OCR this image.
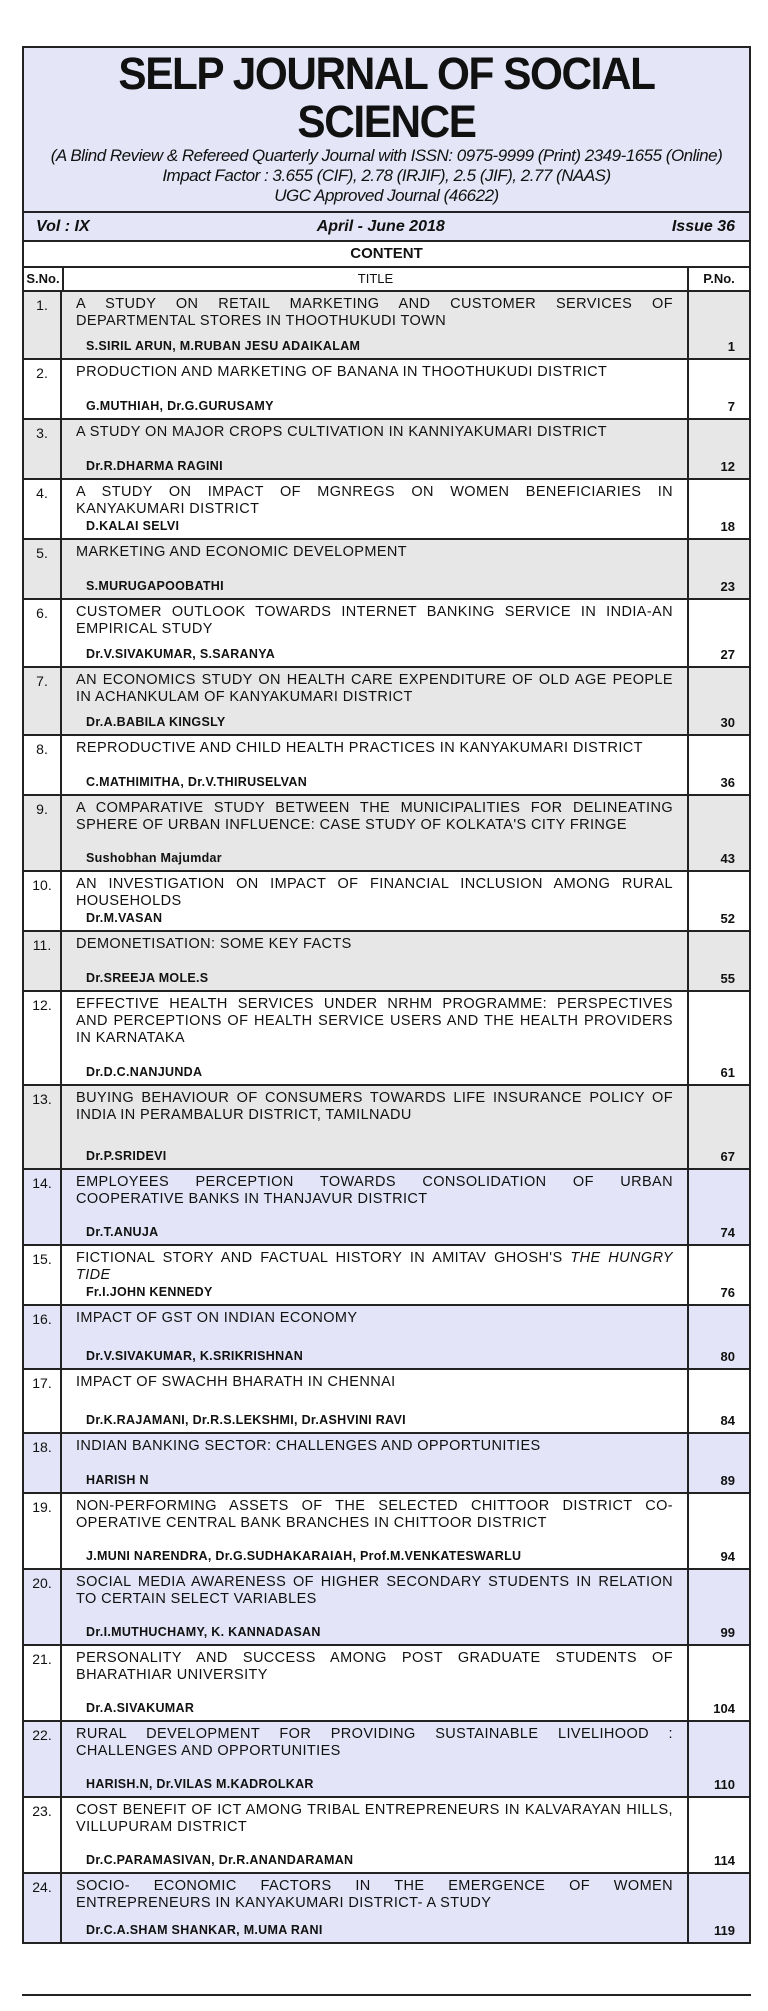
SELP JOURNAL OF SOCIAL SCIENCE
(A Blind Review & Refereed Quarterly Journal with ISSN: 0975-9999 (Print) 2349-1655 (Online)
Impact Factor : 3.655 (CIF), 2.78 (IRJIF), 2.5 (JIF), 2.77 (NAAS)
UGC Approved Journal (46622)
Vol : IX	April - June 2018	Issue 36
CONTENT
S.No.	TITLE	P.No.
1.	A STUDY ON RETAIL MARKETING AND CUSTOMER SERVICES OF DEPARTMENTAL STORES IN THOOTHUKUDI TOWN
S.SIRIL ARUN, M.RUBAN JESU ADAIKALAM	1
2.	PRODUCTION AND MARKETING OF BANANA IN THOOTHUKUDI DISTRICT
G.MUTHIAH, Dr.G.GURUSAMY	7
3.	A STUDY ON MAJOR CROPS CULTIVATION IN KANNIYAKUMARI DISTRICT
Dr.R.DHARMA RAGINI	12
4.	A STUDY ON IMPACT OF MGNREGS ON WOMEN BENEFICIARIES IN KANYAKUMARI DISTRICT
D.KALAI SELVI	18
5.	MARKETING AND ECONOMIC DEVELOPMENT
S.MURUGAPOOBATHI	23
6.	CUSTOMER OUTLOOK TOWARDS INTERNET BANKING SERVICE IN INDIA-AN EMPIRICAL STUDY
Dr.V.SIVAKUMAR, S.SARANYA	27
7.	AN ECONOMICS STUDY ON HEALTH CARE EXPENDITURE OF OLD AGE PEOPLE IN ACHANKULAM OF KANYAKUMARI DISTRICT
Dr.A.BABILA KINGSLY	30
8.	REPRODUCTIVE AND CHILD HEALTH PRACTICES IN KANYAKUMARI DISTRICT
C.MATHIMITHA, Dr.V.THIRUSELVAN	36
9.	A COMPARATIVE STUDY BETWEEN THE MUNICIPALITIES FOR DELINEATING SPHERE OF URBAN INFLUENCE: CASE STUDY OF KOLKATA'S CITY FRINGE
Sushobhan Majumdar	43
10.	AN INVESTIGATION ON IMPACT OF FINANCIAL INCLUSION AMONG RURAL HOUSEHOLDS
Dr.M.VASAN	52
11.	DEMONETISATION: SOME KEY FACTS
Dr.SREEJA MOLE.S	55
12.	EFFECTIVE HEALTH SERVICES UNDER NRHM PROGRAMME: PERSPECTIVES AND PERCEPTIONS OF HEALTH SERVICE USERS AND THE HEALTH PROVIDERS IN KARNATAKA
Dr.D.C.NANJUNDA	61
13.	BUYING BEHAVIOUR OF CONSUMERS TOWARDS LIFE INSURANCE POLICY OF INDIA IN PERAMBALUR DISTRICT, TAMILNADU
Dr.P.SRIDEVI	67
14.	EMPLOYEES PERCEPTION TOWARDS CONSOLIDATION OF URBAN COOPERATIVE BANKS IN THANJAVUR DISTRICT
Dr.T.ANUJA	74
15.	FICTIONAL STORY AND FACTUAL HISTORY IN AMITAV GHOSH'S THE HUNGRY TIDE
Fr.I.JOHN KENNEDY	76
16.	IMPACT OF GST ON INDIAN ECONOMY
Dr.V.SIVAKUMAR, K.SRIKRISHNAN	80
17.	IMPACT OF SWACHH BHARATH IN CHENNAI
Dr.K.RAJAMANI, Dr.R.S.LEKSHMI, Dr.ASHVINI RAVI	84
18.	INDIAN BANKING SECTOR: CHALLENGES AND OPPORTUNITIES
HARISH N	89
19.	NON-PERFORMING ASSETS OF THE SELECTED CHITTOOR DISTRICT CO-OPERATIVE CENTRAL BANK BRANCHES IN CHITTOOR DISTRICT
J.MUNI NARENDRA, Dr.G.SUDHAKARAIAH, Prof.M.VENKATESWARLU	94
20.	SOCIAL MEDIA AWARENESS OF HIGHER SECONDARY STUDENTS IN RELATION TO CERTAIN SELECT VARIABLES
Dr.I.MUTHUCHAMY, K. KANNADASAN	99
21.	PERSONALITY AND SUCCESS AMONG POST GRADUATE STUDENTS OF BHARATHIAR UNIVERSITY
Dr.A.SIVAKUMAR	104
22.	RURAL DEVELOPMENT FOR PROVIDING SUSTAINABLE LIVELIHOOD : CHALLENGES AND OPPORTUNITIES
HARISH.N, Dr.VILAS M.KADROLKAR	110
23.	COST BENEFIT OF ICT AMONG TRIBAL ENTREPRENEURS IN KALVARAYAN HILLS, VILLUPURAM DISTRICT
Dr.C.PARAMASIVAN, Dr.R.ANANDARAMAN	114
24.	SOCIO- ECONOMIC FACTORS IN THE EMERGENCE OF WOMEN ENTREPRENEURS IN KANYAKUMARI DISTRICT- A STUDY
Dr.C.A.SHAM SHANKAR, M.UMA RANI	119
